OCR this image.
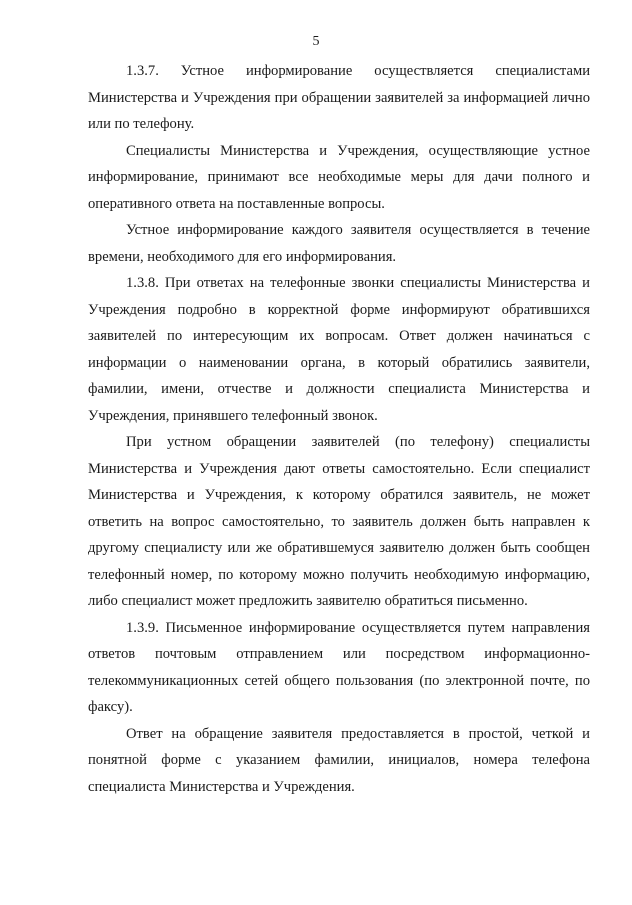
5

1.3.7. Устное информирование осуществляется специалистами Министерства и Учреждения при обращении заявителей за информацией лично или по телефону.

Специалисты Министерства и Учреждения, осуществляющие устное информирование, принимают все необходимые меры для дачи полного и оперативного ответа на поставленные вопросы.

Устное информирование каждого заявителя осуществляется в течение времени, необходимого для его информирования.

1.3.8. При ответах на телефонные звонки специалисты Министерства и Учреждения подробно в корректной форме информируют обратившихся заявителей по интересующим их вопросам. Ответ должен начинаться с информации о наименовании органа, в который обратились заявители, фамилии, имени, отчестве и должности специалиста Министерства и Учреждения, принявшего телефонный звонок.

При устном обращении заявителей (по телефону) специалисты Министерства и Учреждения дают ответы самостоятельно. Если специалист Министерства и Учреждения, к которому обратился заявитель, не может ответить на вопрос самостоятельно, то заявитель должен быть направлен к другому специалисту или же обратившемуся заявителю должен быть сообщен телефонный номер, по которому можно получить необходимую информацию, либо специалист может предложить заявителю обратиться письменно.

1.3.9. Письменное информирование осуществляется путем направления ответов почтовым отправлением или посредством информационно-телекоммуникационных сетей общего пользования (по электронной почте, по факсу).

Ответ на обращение заявителя предоставляется в простой, четкой и понятной форме с указанием фамилии, инициалов, номера телефона специалиста Министерства и Учреждения.
